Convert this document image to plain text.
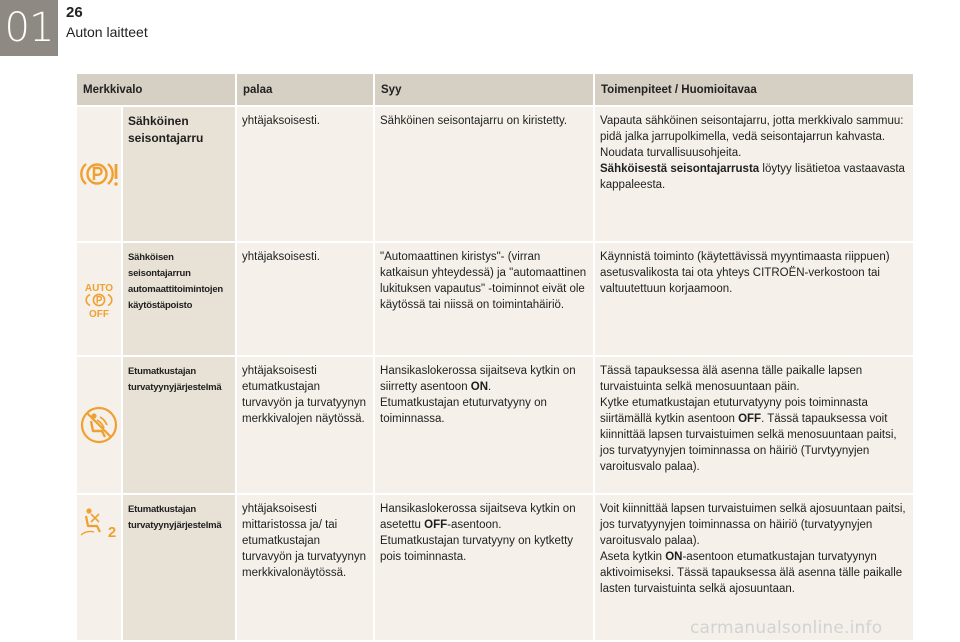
01 26
Auton laitteet
Merkkivalo		palaa	Syy	Toimenpiteet / Huomioitavaa

	Sähköinen seisontajarru	yhtäjaksoisesti.	Sähköinen seisontajarru on kiristetty.	Vapauta sähköinen seisontajarru, jotta merkkivalo sammuu: pidä jalka jarrupolkimella, vedä seisontajarrun kahvasta.
Noudata turvallisuusohjeita.
Sähköisestä seisontajarrusta löytyy lisätietoa vastaavasta kappaleesta.

AUTO
OFF	Sähköisen seisontajarrun automaattitoimintojen käytöstäpoisto	yhtäjaksoisesti.	"Automaattinen kiristys"- (virran katkaisun yhteydessä) ja "automaattinen lukituksen vapautus" -toiminnot eivät ole käytössä tai niissä on toimintahäiriö.	Käynnistä toiminto (käytettävissä myyntimaasta riippuen) asetusvalikosta tai ota yhteys CITROËN-verkostoon tai valtuutettuun korjaamoon.

	Etumatkustajan turvatyynyjärjestelmä	yhtäjaksoisesti etumatkustajan turvavyön ja turvatyynyn merkkivalojen näytössä.	Hansikaslokerossa sijaitseva kytkin on siirretty asentoon ON.
Etumatkustajan etuturvatyyny on toiminnassa.	Tässä tapauksessa älä asenna tälle paikalle lapsen turvaistuinta selkä menosuuntaan päin.
Kytke etumatkustajan etuturvatyyny pois toiminnasta siirtämällä kytkin asentoon OFF. Tässä tapauksessa voit kiinnittää lapsen turvaistuimen selkä menosuuntaan paitsi, jos turvatyynyjen toiminnassa on häiriö (Turvtyynyjen varoitusvalo palaa).

2	Etumatkustajan turvatyynyjärjestelmä	yhtäjaksoisesti mittaristossa ja/ tai etumatkustajan turvavyön ja turvatyynyn merkkivalonäytössä.	Hansikaslokerossa sijaitseva kytkin on asetettu OFF-asentoon.
Etumatkustajan turvatyyny on kytketty pois toiminnasta.	Voit kiinnittää lapsen turvaistuimen selkä ajosuuntaan paitsi, jos turvatyynyjen toiminnassa on häiriö (turvatyynyjen varoitusvalo palaa).
Aseta kytkin ON-asentoon etumatkustajan turvatyynyn aktivoimiseksi. Tässä tapauksessa älä asenna tälle paikalle lasten turvaistuinta selkä ajosuuntaan.
carmanualsonline.info
